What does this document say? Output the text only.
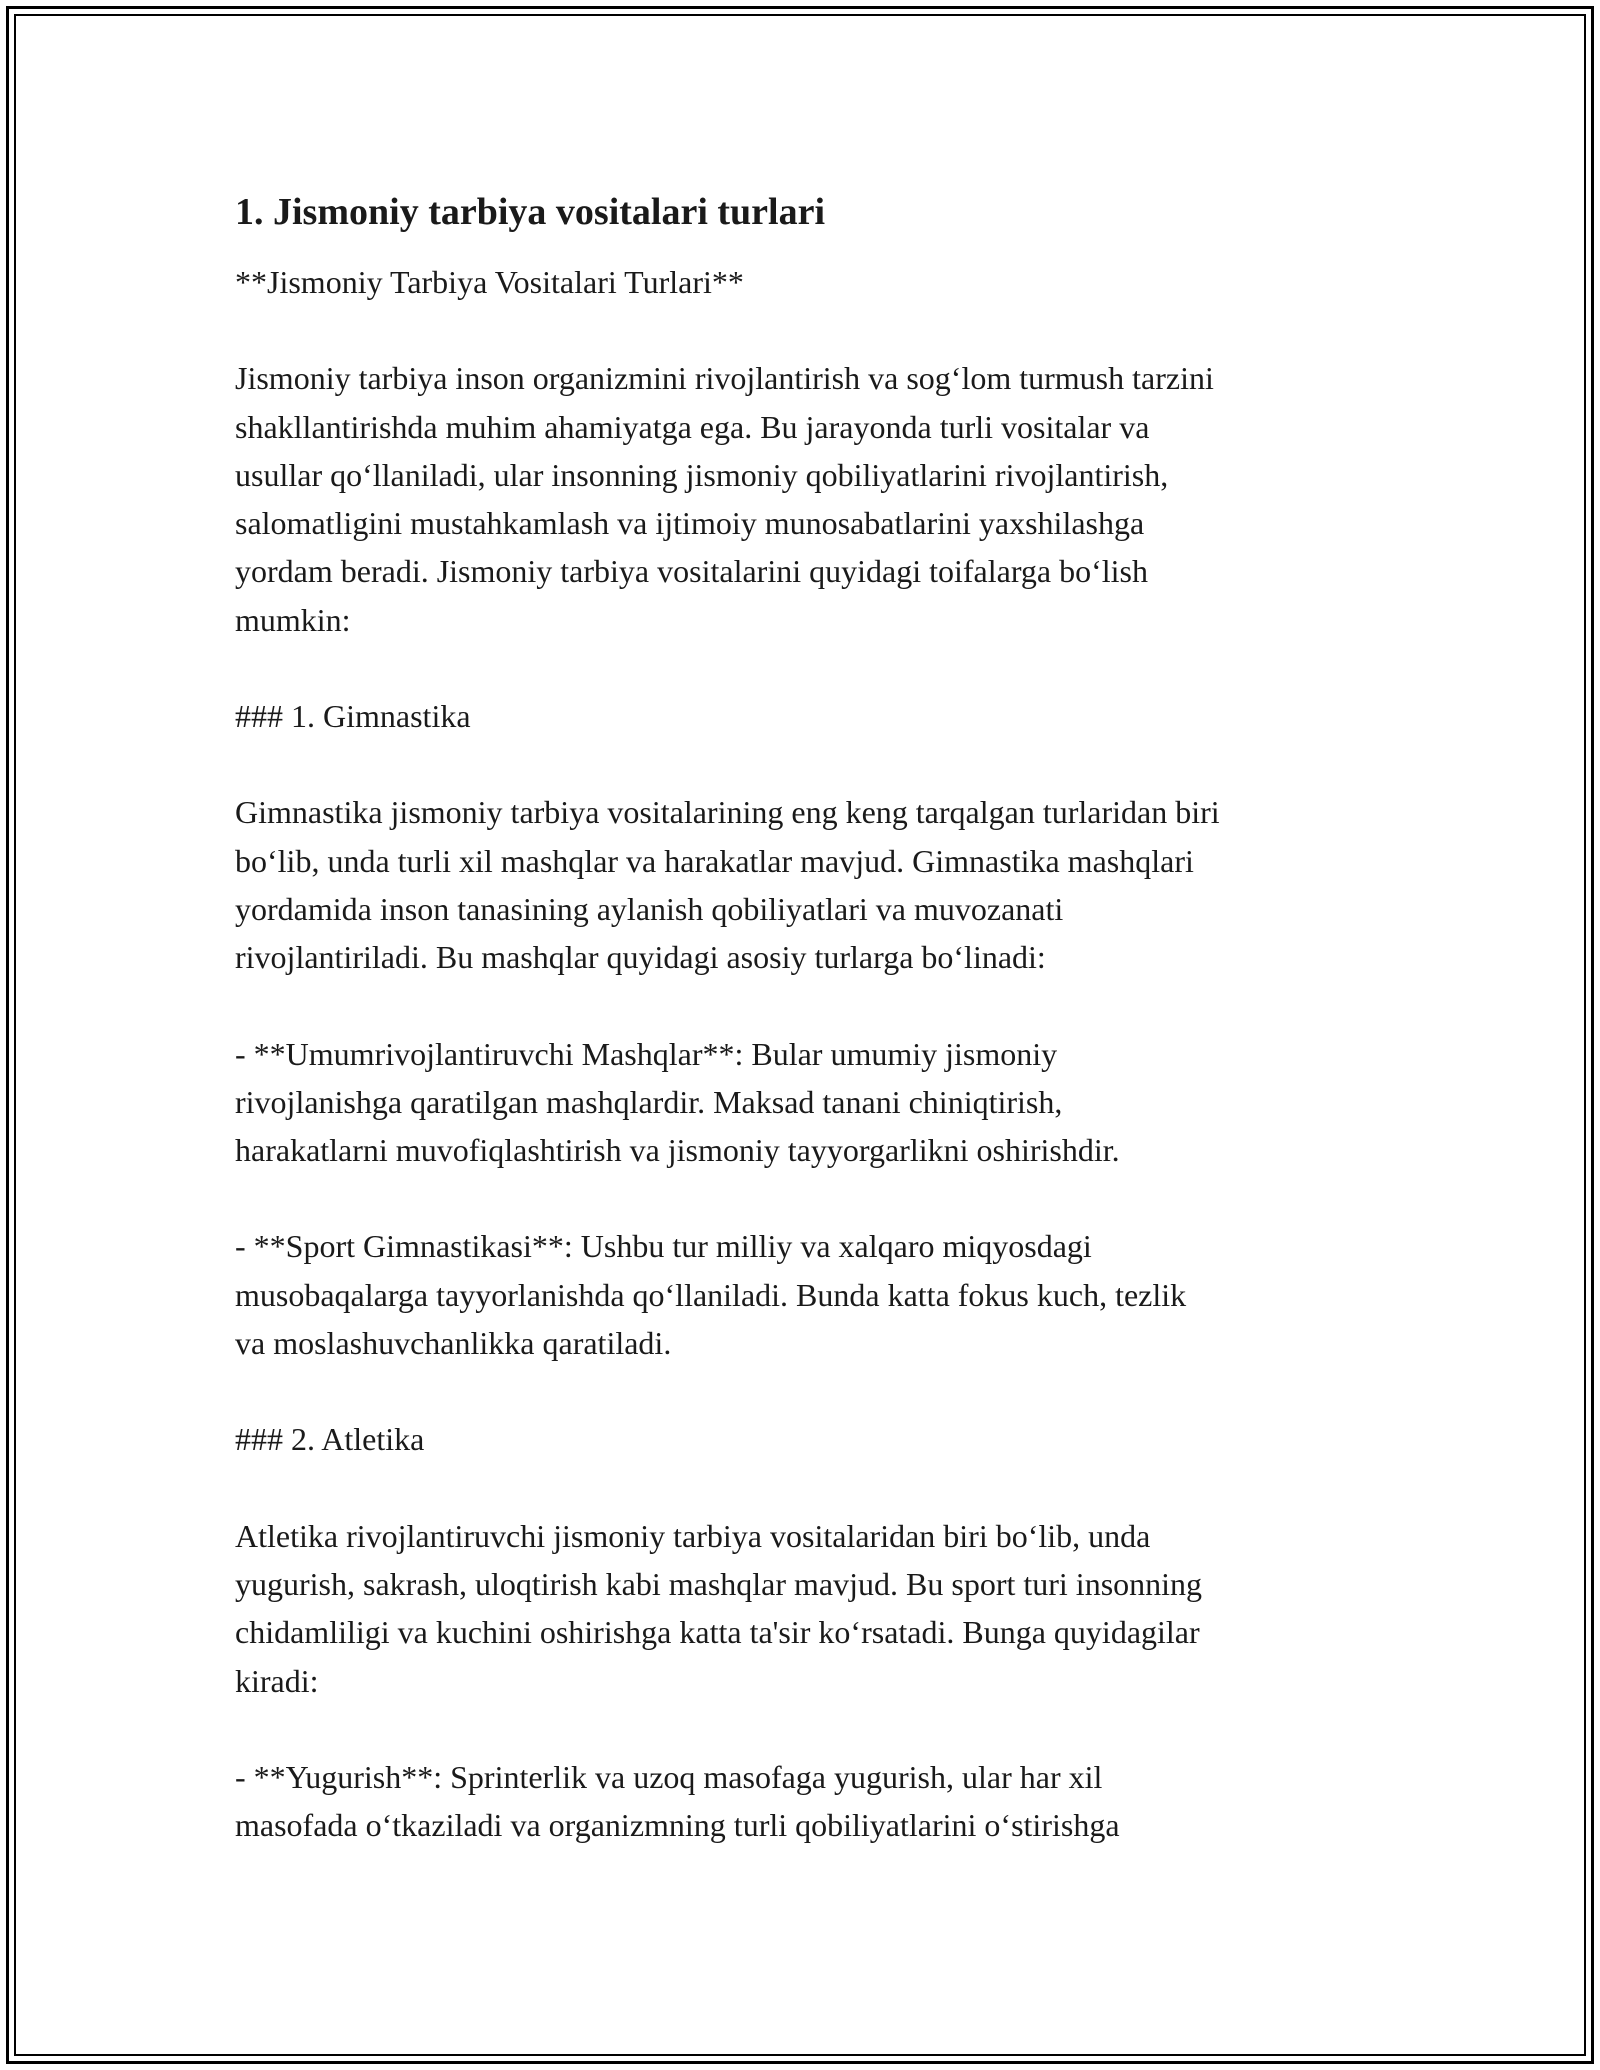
1. Jismoniy tarbiya vositalari turlari

**Jismoniy Tarbiya Vositalari Turlari**

Jismoniy tarbiya inson organizmini rivojlantirish va sog‘lom turmush tarzini
shakllantirishda muhim ahamiyatga ega. Bu jarayonda turli vositalar va
usullar qo‘llaniladi, ular insonning jismoniy qobiliyatlarini rivojlantirish,
salomatligini mustahkamlash va ijtimoiy munosabatlarini yaxshilashga
yordam beradi. Jismoniy tarbiya vositalarini quyidagi toifalarga bo‘lish
mumkin:

### 1. Gimnastika

Gimnastika jismoniy tarbiya vositalarining eng keng tarqalgan turlaridan biri
bo‘lib, unda turli xil mashqlar va harakatlar mavjud. Gimnastika mashqlari
yordamida inson tanasining aylanish qobiliyatlari va muvozanati
rivojlantiriladi. Bu mashqlar quyidagi asosiy turlarga bo‘linadi:

- **Umumrivojlantiruvchi Mashqlar**: Bular umumiy jismoniy
rivojlanishga qaratilgan mashqlardir. Maksad tanani chiniqtirish,
harakatlarni muvofiqlashtirish va jismoniy tayyorgarlikni oshirishdir.

- **Sport Gimnastikasi**: Ushbu tur milliy va xalqaro miqyosdagi
musobaqalarga tayyorlanishda qo‘llaniladi. Bunda katta fokus kuch, tezlik
va moslashuvchanlikka qaratiladi.

### 2. Atletika

Atletika rivojlantiruvchi jismoniy tarbiya vositalaridan biri bo‘lib, unda
yugurish, sakrash, uloqtirish kabi mashqlar mavjud. Bu sport turi insonning
chidamliligi va kuchini oshirishga katta ta'sir ko‘rsatadi. Bunga quyidagilar
kiradi:

- **Yugurish**: Sprinterlik va uzoq masofaga yugurish, ular har xil
masofada o‘tkaziladi va organizmning turli qobiliyatlarini o‘stirishga
